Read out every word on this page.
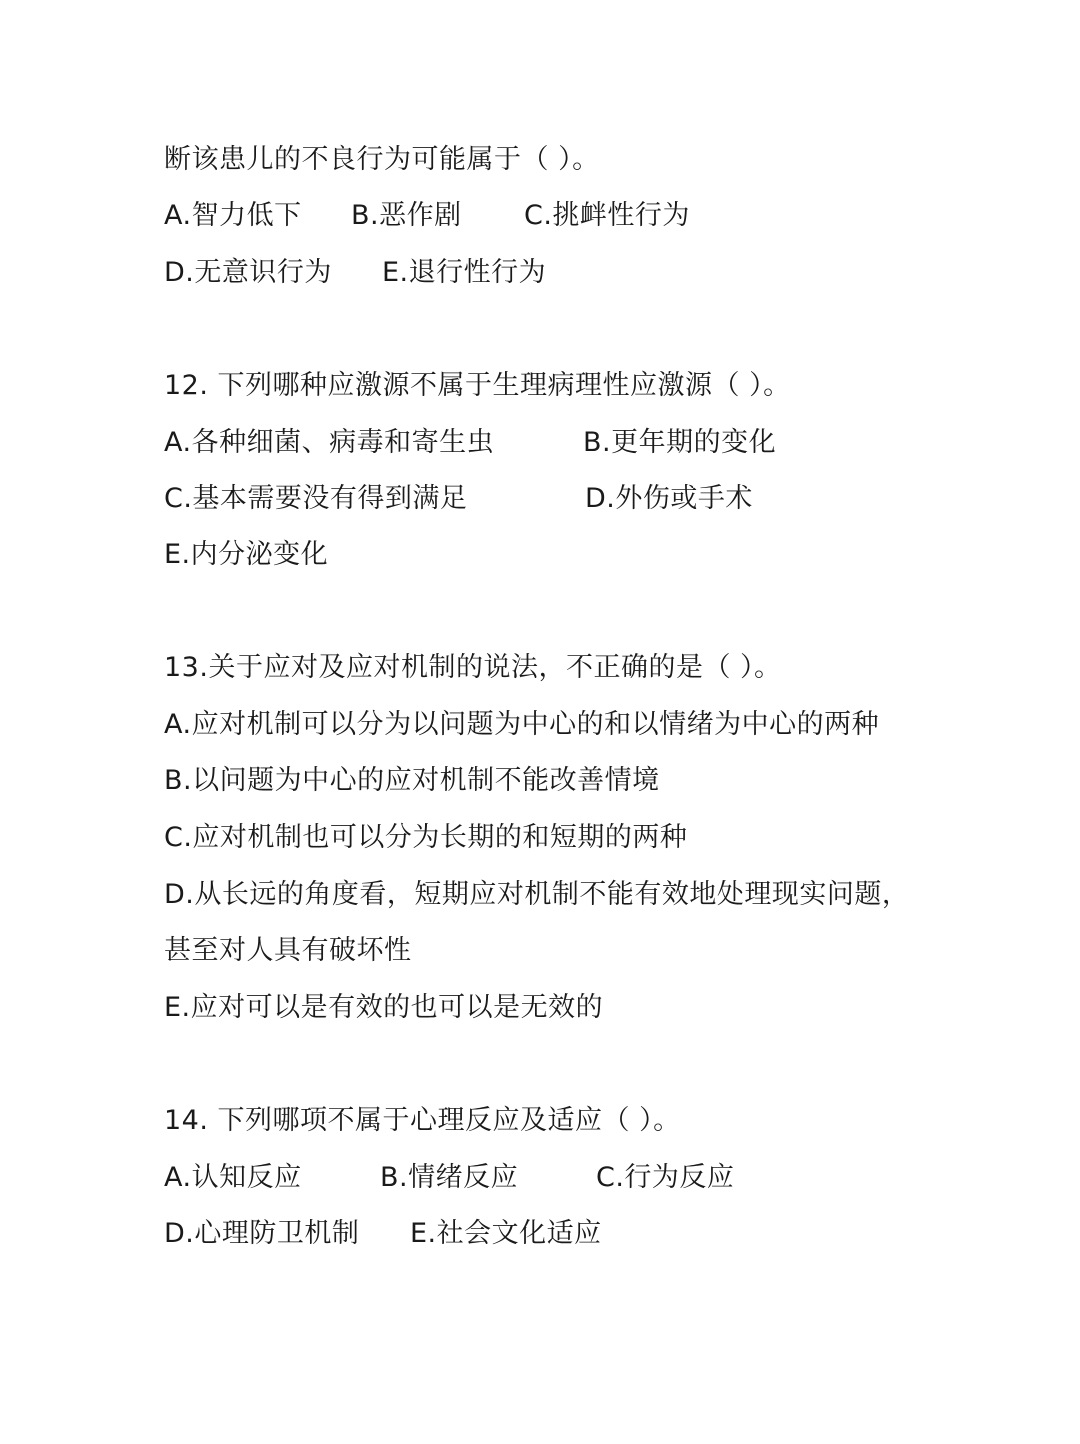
断该患儿的不良行为可能属于（ ）。
A.智力低下 B.恶作剧 C.挑衅性行为
D.无意识行为 E.退行性行为
12. 下列哪种应激源不属于生理病理性应激源（ ）。
A.各种细菌、病毒和寄生虫	B.更年期的变化
C.基本需要没有得到满足	D.外伤或手术
E.内分泌变化
13.关于应对及应对机制的说法，不正确的是（ ）。
A.应对机制可以分为以问题为中心的和以情绪为中心的两种
B.以问题为中心的应对机制不能改善情境
C.应对机制也可以分为长期的和短期的两种
D.从长远的角度看，短期应对机制不能有效地处理现实问题，
甚至对人具有破坏性
E.应对可以是有效的也可以是无效的
14. 下列哪项不属于心理反应及适应（ ）。
A.认知反应	B.情绪反应	C.行为反应
D.心理防卫机制 E.社会文化适应
